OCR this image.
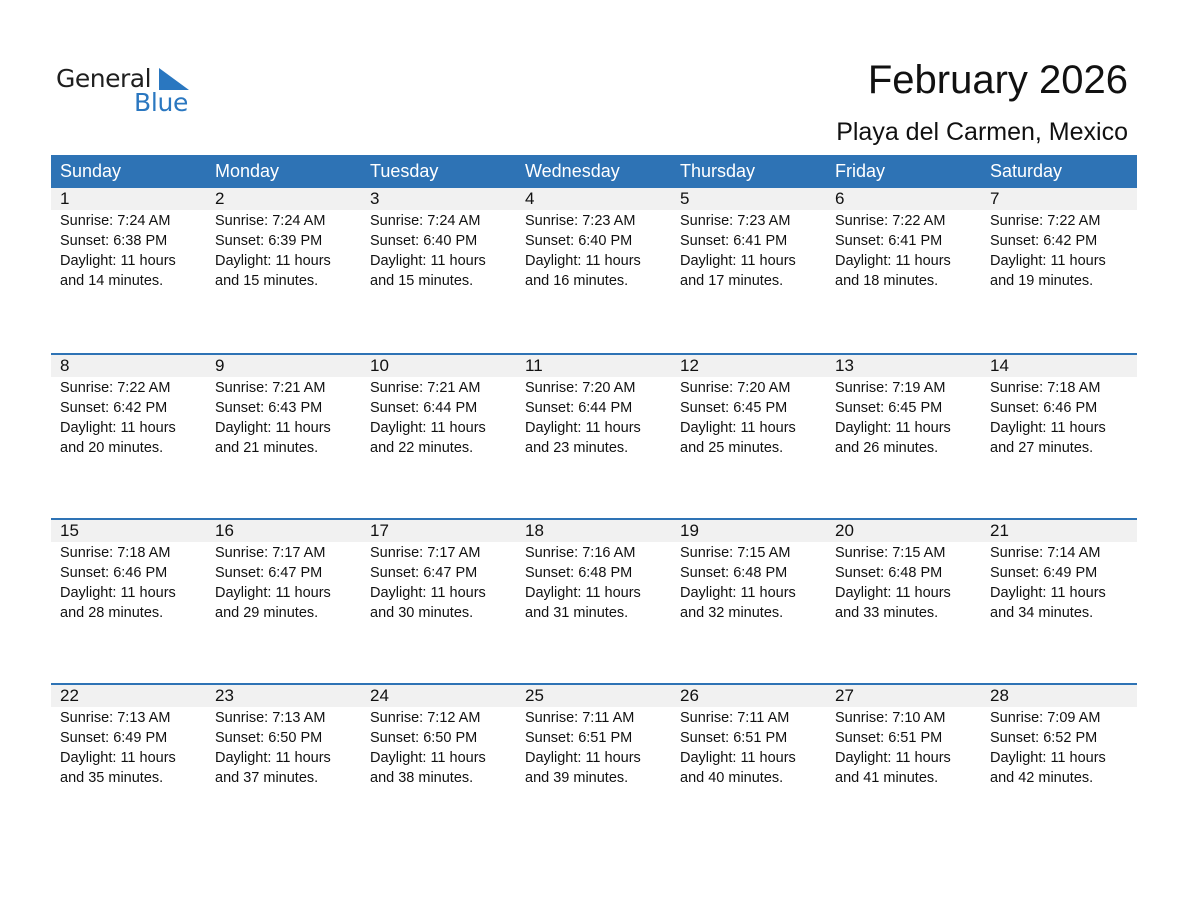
General
Blue
February 2026
Playa del Carmen, Mexico
Sunday	Monday	Tuesday	Wednesday	Thursday	Friday	Saturday
1	2	3	4	5	6	7
Sunrise: 7:24 AM
Sunset: 6:38 PM
Daylight: 11 hours
and 14 minutes.
Sunrise: 7:24 AM
Sunset: 6:39 PM
Daylight: 11 hours
and 15 minutes.
Sunrise: 7:24 AM
Sunset: 6:40 PM
Daylight: 11 hours
and 15 minutes.
Sunrise: 7:23 AM
Sunset: 6:40 PM
Daylight: 11 hours
and 16 minutes.
Sunrise: 7:23 AM
Sunset: 6:41 PM
Daylight: 11 hours
and 17 minutes.
Sunrise: 7:22 AM
Sunset: 6:41 PM
Daylight: 11 hours
and 18 minutes.
Sunrise: 7:22 AM
Sunset: 6:42 PM
Daylight: 11 hours
and 19 minutes.
8	9	10	11	12	13	14
Sunrise: 7:22 AM
Sunset: 6:42 PM
Daylight: 11 hours
and 20 minutes.
Sunrise: 7:21 AM
Sunset: 6:43 PM
Daylight: 11 hours
and 21 minutes.
Sunrise: 7:21 AM
Sunset: 6:44 PM
Daylight: 11 hours
and 22 minutes.
Sunrise: 7:20 AM
Sunset: 6:44 PM
Daylight: 11 hours
and 23 minutes.
Sunrise: 7:20 AM
Sunset: 6:45 PM
Daylight: 11 hours
and 25 minutes.
Sunrise: 7:19 AM
Sunset: 6:45 PM
Daylight: 11 hours
and 26 minutes.
Sunrise: 7:18 AM
Sunset: 6:46 PM
Daylight: 11 hours
and 27 minutes.
15	16	17	18	19	20	21
Sunrise: 7:18 AM
Sunset: 6:46 PM
Daylight: 11 hours
and 28 minutes.
Sunrise: 7:17 AM
Sunset: 6:47 PM
Daylight: 11 hours
and 29 minutes.
Sunrise: 7:17 AM
Sunset: 6:47 PM
Daylight: 11 hours
and 30 minutes.
Sunrise: 7:16 AM
Sunset: 6:48 PM
Daylight: 11 hours
and 31 minutes.
Sunrise: 7:15 AM
Sunset: 6:48 PM
Daylight: 11 hours
and 32 minutes.
Sunrise: 7:15 AM
Sunset: 6:48 PM
Daylight: 11 hours
and 33 minutes.
Sunrise: 7:14 AM
Sunset: 6:49 PM
Daylight: 11 hours
and 34 minutes.
22	23	24	25	26	27	28
Sunrise: 7:13 AM
Sunset: 6:49 PM
Daylight: 11 hours
and 35 minutes.
Sunrise: 7:13 AM
Sunset: 6:50 PM
Daylight: 11 hours
and 37 minutes.
Sunrise: 7:12 AM
Sunset: 6:50 PM
Daylight: 11 hours
and 38 minutes.
Sunrise: 7:11 AM
Sunset: 6:51 PM
Daylight: 11 hours
and 39 minutes.
Sunrise: 7:11 AM
Sunset: 6:51 PM
Daylight: 11 hours
and 40 minutes.
Sunrise: 7:10 AM
Sunset: 6:51 PM
Daylight: 11 hours
and 41 minutes.
Sunrise: 7:09 AM
Sunset: 6:52 PM
Daylight: 11 hours
and 42 minutes.
